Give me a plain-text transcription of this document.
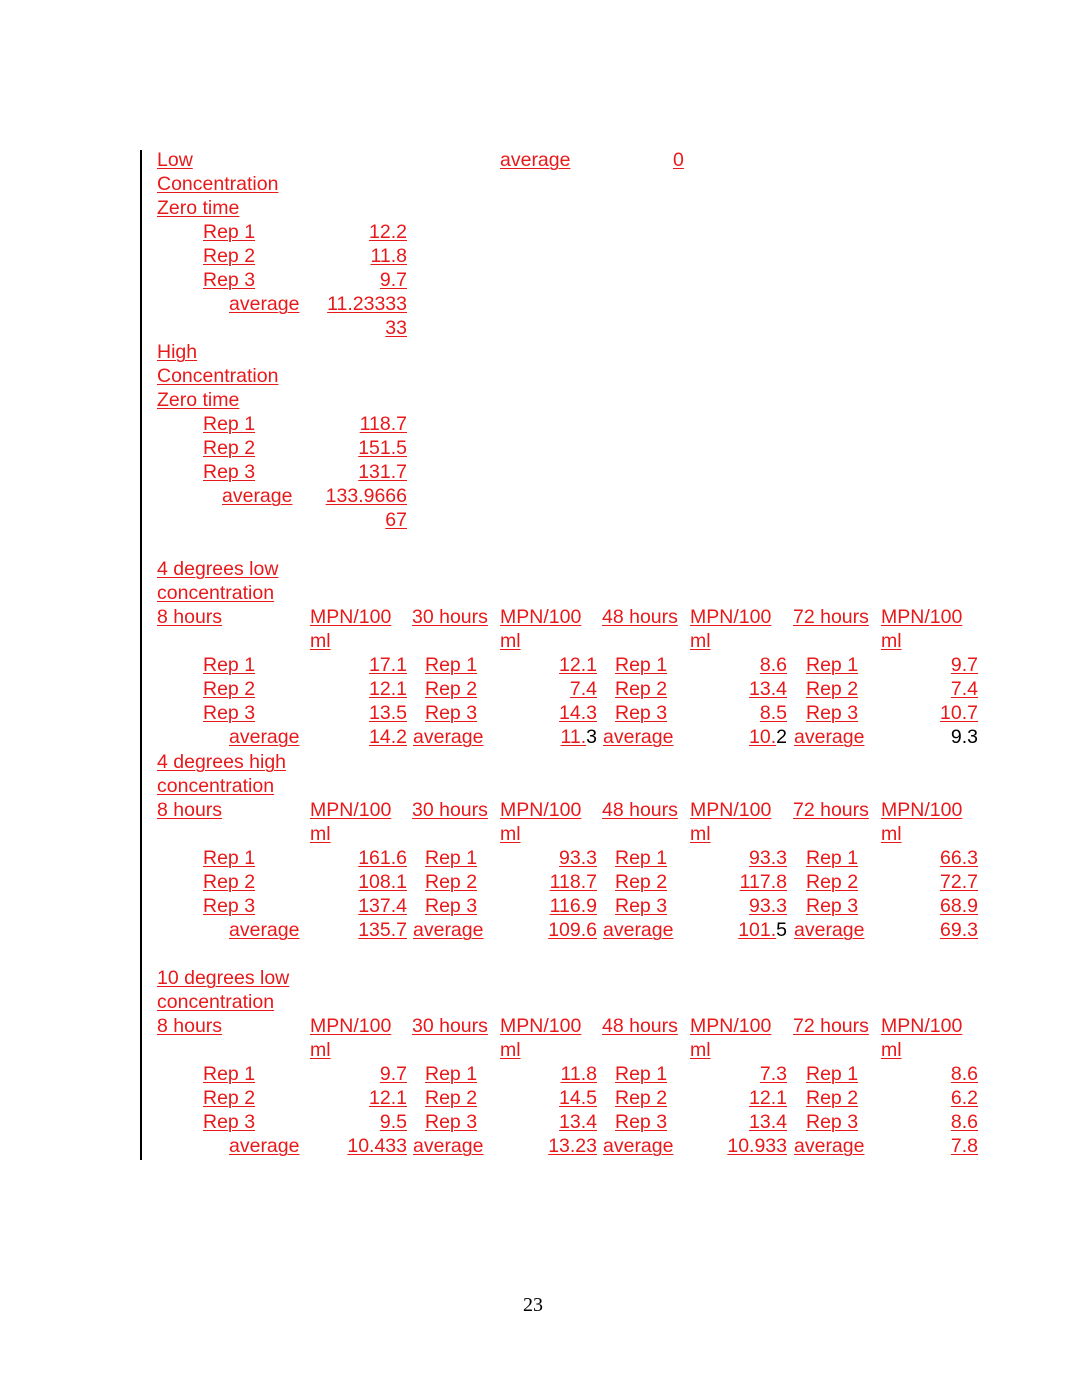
Low
Concentration
Zero time
average	0
Rep 1	12.2
Rep 2	11.8
Rep 3	9.7
average	11.23333
33
High
Concentration
Zero time
Rep 1	118.7
Rep 2	151.5
Rep 3	131.7
average	133.9666
67
4 degrees low
concentration
8 hours	MPN/100
ml
30 hours MPN/100
ml
48 hours MPN/100
ml
72 hours MPN/100
ml
Rep 1	17.1 Rep 1	12.1 Rep 1	8.6 Rep 1	9.7
Rep 2	12.1 Rep 2	7.4 Rep 2	13.4 Rep 2	7.4
Rep 3	13.5 Rep 3	14.3 Rep 3	8.5 Rep 3	10.7
average	14.2 average	11.3 average	10.2 average	9.3
4 degrees high
concentration
8 hours	MPN/100
ml
30 hours MPN/100
ml
48 hours MPN/100
ml
72 hours MPN/100
ml
Rep 1	161.6 Rep 1	93.3 Rep 1	93.3 Rep 1	66.3
Rep 2	108.1 Rep 2	118.7 Rep 2	117.8 Rep 2	72.7
Rep 3	137.4 Rep 3	116.9 Rep 3	93.3 Rep 3	68.9
average	135.7 average	109.6 average	101.5 average	69.3
10 degrees low
concentration
8 hours	MPN/100
ml
30 hours MPN/100
ml
48 hours MPN/100
ml
72 hours MPN/100
ml
Rep 1	9.7 Rep 1	11.8 Rep 1	7.3 Rep 1	8.6
Rep 2	12.1 Rep 2	14.5 Rep 2	12.1 Rep 2	6.2
Rep 3	9.5 Rep 3	13.4 Rep 3	13.4 Rep 3	8.6
average	10.433 average	13.23 average	10.933 average	7.8
23
